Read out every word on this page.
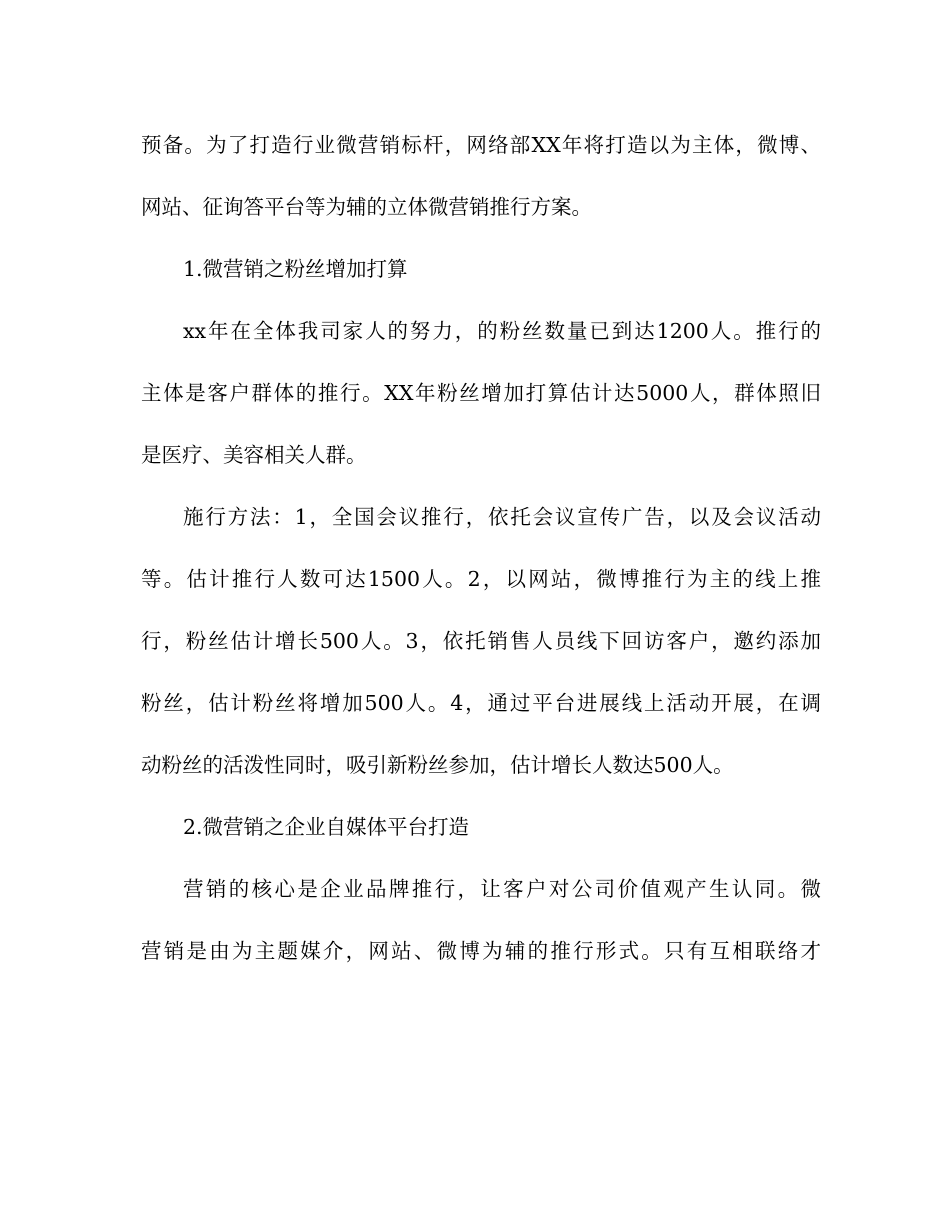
预备。为了打造行业微营销标杆，网络部XX年将打造以为主体，微博、
网站、征询答平台等为辅的立体微营销推行方案。
1.微营销之粉丝增加打算
xx年在全体我司家人的努力，的粉丝数量已到达1200人。推行的
主体是客户群体的推行。XX年粉丝增加打算估计达5000人，群体照旧
是医疗、美容相关人群。
施行方法：1，全国会议推行，依托会议宣传广告，以及会议活动
等。估计推行人数可达1500人。2，以网站，微博推行为主的线上推
行，粉丝估计增长500人。3，依托销售人员线下回访客户，邀约添加
粉丝，估计粉丝将增加500人。4，通过平台进展线上活动开展，在调
动粉丝的活泼性同时，吸引新粉丝参加，估计增长人数达500人。
2.微营销之企业自媒体平台打造
营销的核心是企业品牌推行，让客户对公司价值观产生认同。微
营销是由为主题媒介，网站、微博为辅的推行形式。只有互相联络才
